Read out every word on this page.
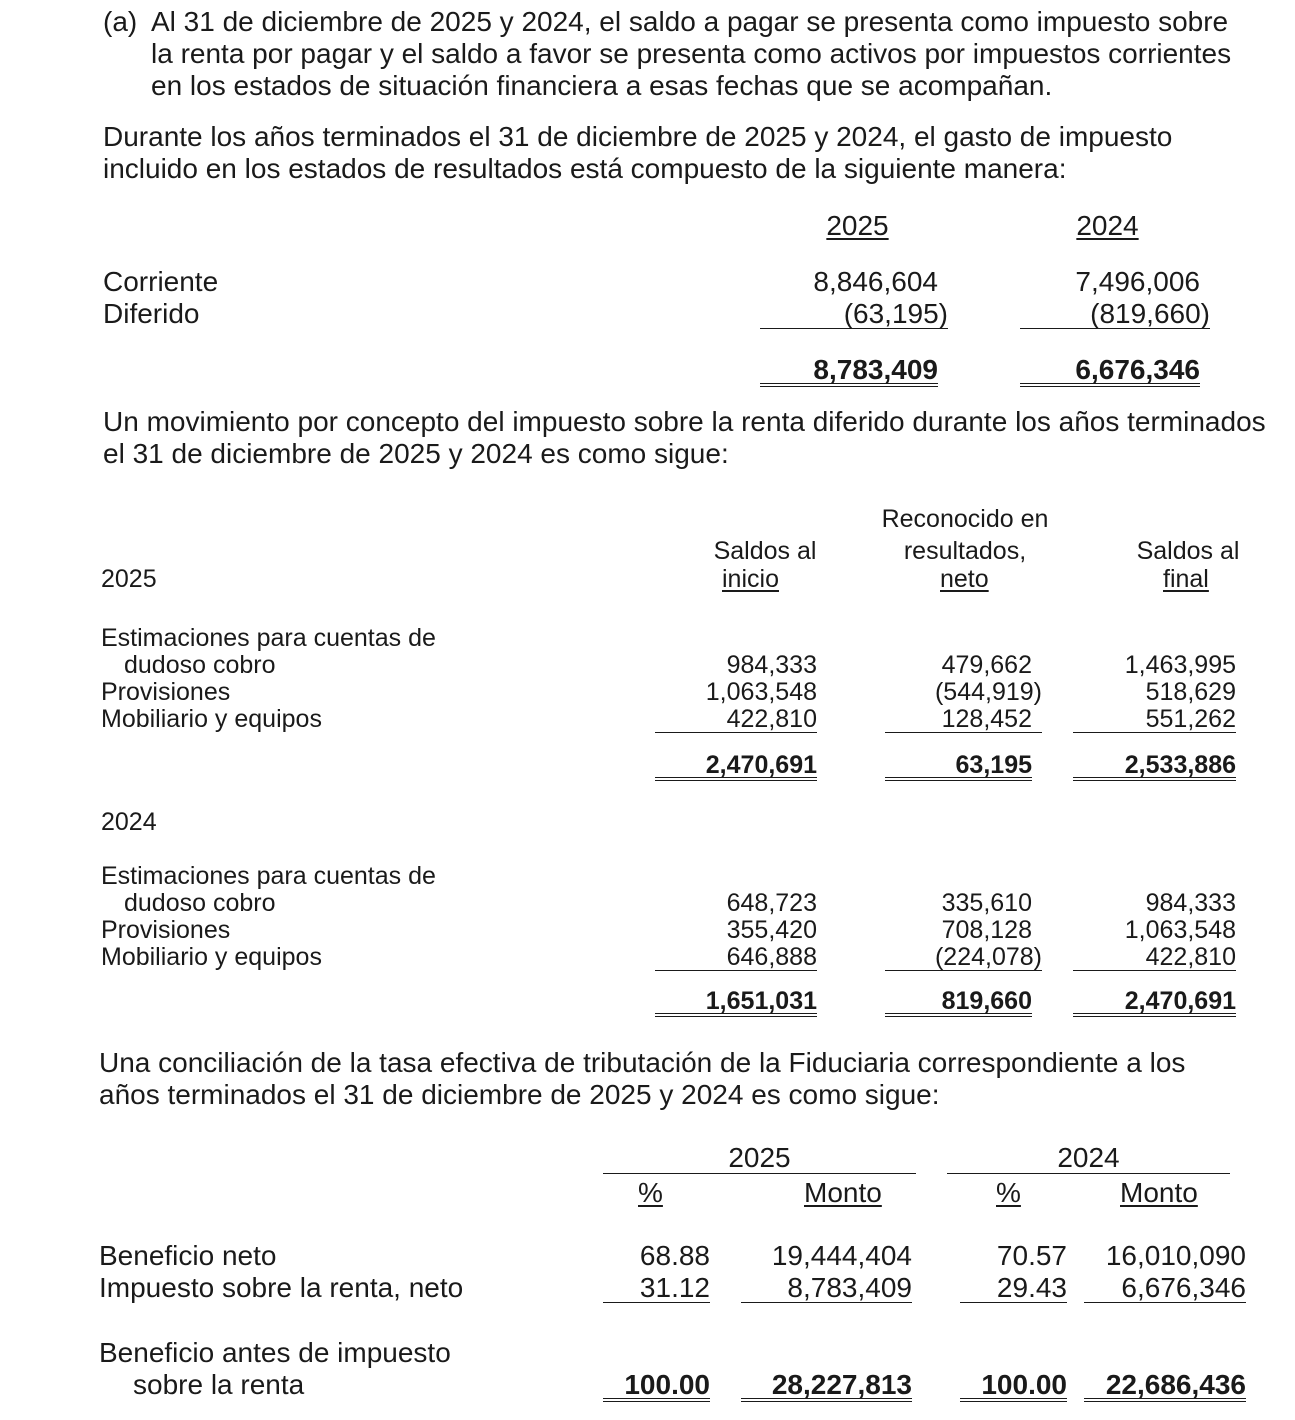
(a) Al 31 de diciembre de 2025 y 2024, el saldo a pagar se presenta como impuesto sobre
la renta por pagar y el saldo a favor se presenta como activos por impuestos corrientes
en los estados de situación financiera a esas fechas que se acompañan.
Durante los años terminados el 31 de diciembre de 2025 y 2024, el gasto de impuesto
incluido en los estados de resultados está compuesto de la siguiente manera:
2025	2024
Corriente	8,846,604	7,496,006
Diferido	(63,195)	(819,660)
8,783,409	6,676,346
Un movimiento por concepto del impuesto sobre la renta diferido durante los años terminados
el 31 de diciembre de 2025 y 2024 es como sigue:
Reconocido en
Saldos al	resultados,	Saldos al
2025	inicio	neto	final
Estimaciones para cuentas de
dudoso cobro	984,333	479,662	1,463,995
Provisiones	1,063,548	(544,919)	518,629
Mobiliario y equipos	422,810	128,452	551,262
2,470,691	63,195	2,533,886
2024
Estimaciones para cuentas de
dudoso cobro	648,723	335,610	984,333
Provisiones	355,420	708,128	1,063,548
Mobiliario y equipos	646,888	(224,078)	422,810
1,651,031	819,660	2,470,691
Una conciliación de la tasa efectiva de tributación de la Fiduciaria correspondiente a los
años terminados el 31 de diciembre de 2025 y 2024 es como sigue:
2025	2024
%	Monto	%	Monto
Beneficio neto	68.88	19,444,404	70.57	16,010,090
Impuesto sobre la renta, neto	31.12	8,783,409	29.43	6,676,346
Beneficio antes de impuesto
sobre la renta	100.00	28,227,813	100.00	22,686,436
